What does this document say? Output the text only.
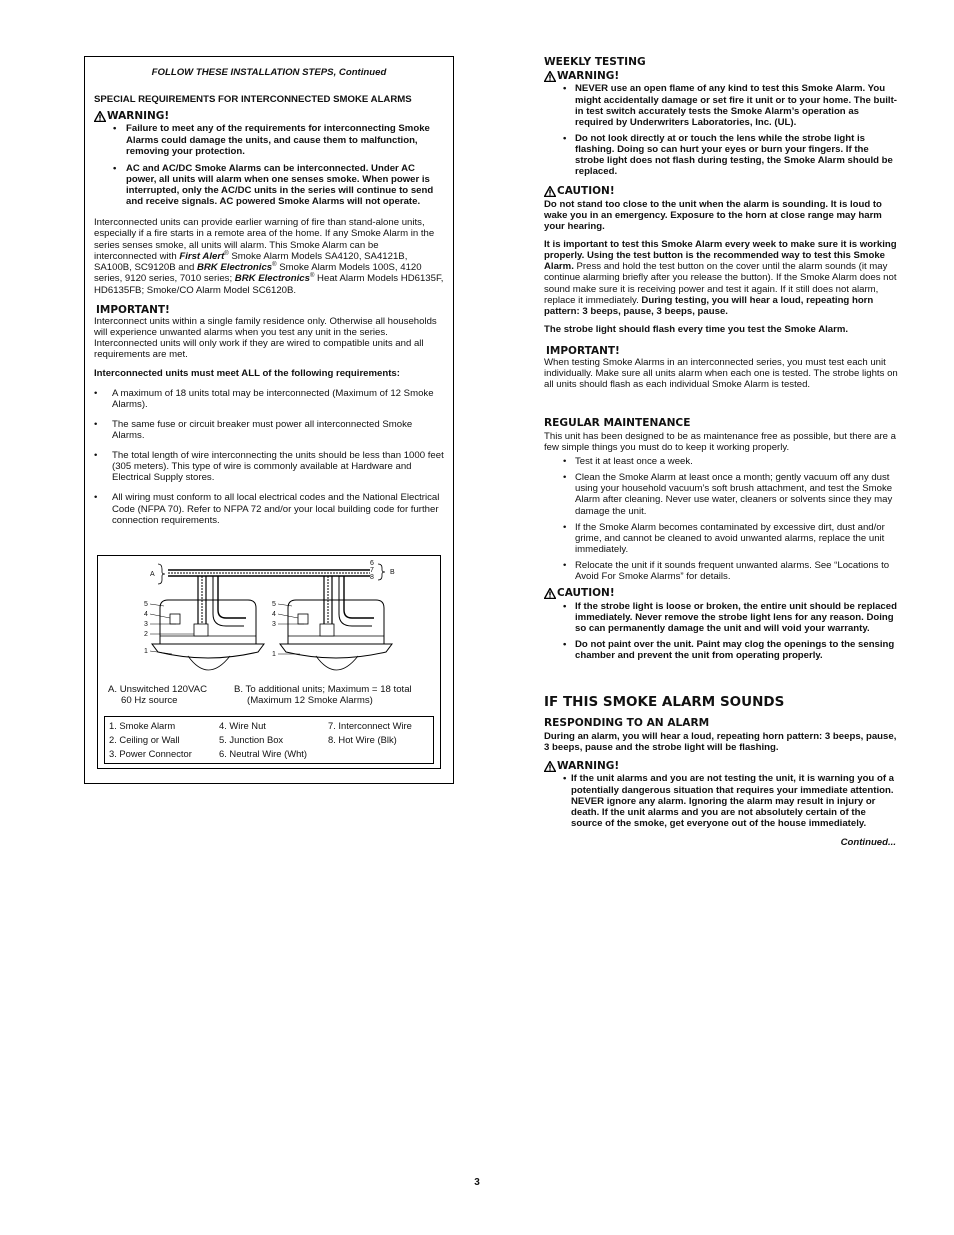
FOLLOW THESE INSTALLATION STEPS, Continued

SPECIAL REQUIREMENTS FOR INTERCONNECTED SMOKE ALARMS

WARNING!
• Failure to meet any of the requirements for interconnecting Smoke Alarms could damage the units, and cause them to malfunction, removing your protection.
• AC and AC/DC Smoke Alarms can be interconnected. Under AC power, all units will alarm when one senses smoke. When power is interrupted, only the AC/DC units in the series will continue to send and receive signals. AC powered Smoke Alarms will not operate.

Interconnected units can provide earlier warning of fire than stand-alone units, especially if a fire starts in a remote area of the home. If any Smoke Alarm in the series senses smoke, all units will alarm. This Smoke Alarm can be interconnected with First Alert® Smoke Alarm Models SA4120, SA4121B, SA100B, SC9120B and BRK Electronics® Smoke Alarm Models 100S, 4120 series, 9120 series, 7010 series; BRK Electronics® Heat Alarm Models HD6135F, HD6135FB; Smoke/CO Alarm Model SC6120B.

IMPORTANT!

Interconnect units within a single family residence only. Otherwise all households will experience unwanted alarms when you test any unit in the series. Interconnected units will only work if they are wired to compatible units and all requirements are met.

Interconnected units must meet ALL of the following requirements:

• A maximum of 18 units total may be interconnected (Maximum of 12 Smoke Alarms).
• The same fuse or circuit breaker must power all interconnected Smoke Alarms.
• The total length of wire interconnecting the units should be less than 1000 feet (305 meters). This type of wire is commonly available at Hardware and Electrical Supply stores.
• All wiring must conform to all local electrical codes and the National Electrical Code (NFPA 70). Refer to NFPA 72 and/or your local building code for further connection requirements.
A
6
7
8
B
5
4
3
2
1
5
4
3
1
A. Unswitched 120VAC
60 Hz source
B. To additional units; Maximum = 18 total
(Maximum 12 Smoke Alarms)
1. Smoke Alarm
2. Ceiling or Wall
3. Power Connector
4. Wire Nut
5. Junction Box
6. Neutral Wire (Wht)
7. Interconnect Wire
8. Hot Wire (Blk)

WEEKLY TESTING

WARNING!
• NEVER use an open flame of any kind to test this Smoke Alarm. You might accidentally damage or set fire it unit or to your home. The built-in test switch accurately tests the Smoke Alarm’s operation as required by Underwriters Laboratories, Inc. (UL).
• Do not look directly at or touch the lens while the strobe light is flashing. Doing so can hurt your eyes or burn your fingers. If the strobe light does not flash during testing, the Smoke Alarm should be replaced.
CAUTION!

Do not stand too close to the unit when the alarm is sounding. It is loud to wake you in an emergency. Exposure to the horn at close range may harm your hearing.

It is important to test this Smoke Alarm every week to make sure it is working properly. Using the test button is the recommended way to test this Smoke Alarm. Press and hold the test button on the cover until the alarm sounds (it may continue alarming briefly after you release the button). If the Smoke Alarm does not sound make sure it is receiving power and test it again. If it still does not alarm, replace it immediately. During testing, you will hear a loud, repeating horn pattern: 3 beeps, pause, 3 beeps, pause.

The strobe light should flash every time you test the Smoke Alarm.

IMPORTANT!

When testing Smoke Alarms in an interconnected series, you must test each unit individually. Make sure all units alarm when each one is tested. The strobe lights on all units should flash as each individual Smoke Alarm is tested.

REGULAR MAINTENANCE

This unit has been designed to be as maintenance free as possible, but there are a few simple things you must do to keep it working properly.

• Test it at least once a week.
• Clean the Smoke Alarm at least once a month; gently vacuum off any dust using your household vacuum’s soft brush attachment, and test the Smoke Alarm after cleaning. Never use water, cleaners or solvents since they may damage the unit.
• If the Smoke Alarm becomes contaminated by excessive dirt, dust and/or grime, and cannot be cleaned to avoid unwanted alarms, replace the unit immediately.
• Relocate the unit if it sounds frequent unwanted alarms. See “Locations to Avoid For Smoke Alarms” for details.
CAUTION!
• If the strobe light is loose or broken, the entire unit should be replaced immediately. Never remove the strobe light lens for any reason. Doing so can permanently damage the unit and will void your warranty.
• Do not paint over the unit. Paint may clog the openings to the sensing chamber and prevent the unit from operating properly.

IF THIS SMOKE ALARM SOUNDS

RESPONDING TO AN ALARM

During an alarm, you will hear a loud, repeating horn pattern: 3 beeps, pause, 3 beeps, pause and the strobe light will be flashing.

WARNING!
• If the unit alarms and you are not testing the unit, it is warning you of a potentially dangerous situation that requires your immediate attention. NEVER ignore any alarm. Ignoring the alarm may result in injury or death. If the unit alarms and you are not absolutely certain of the source of the smoke, get everyone out of the house immediately.

Continued...

3
